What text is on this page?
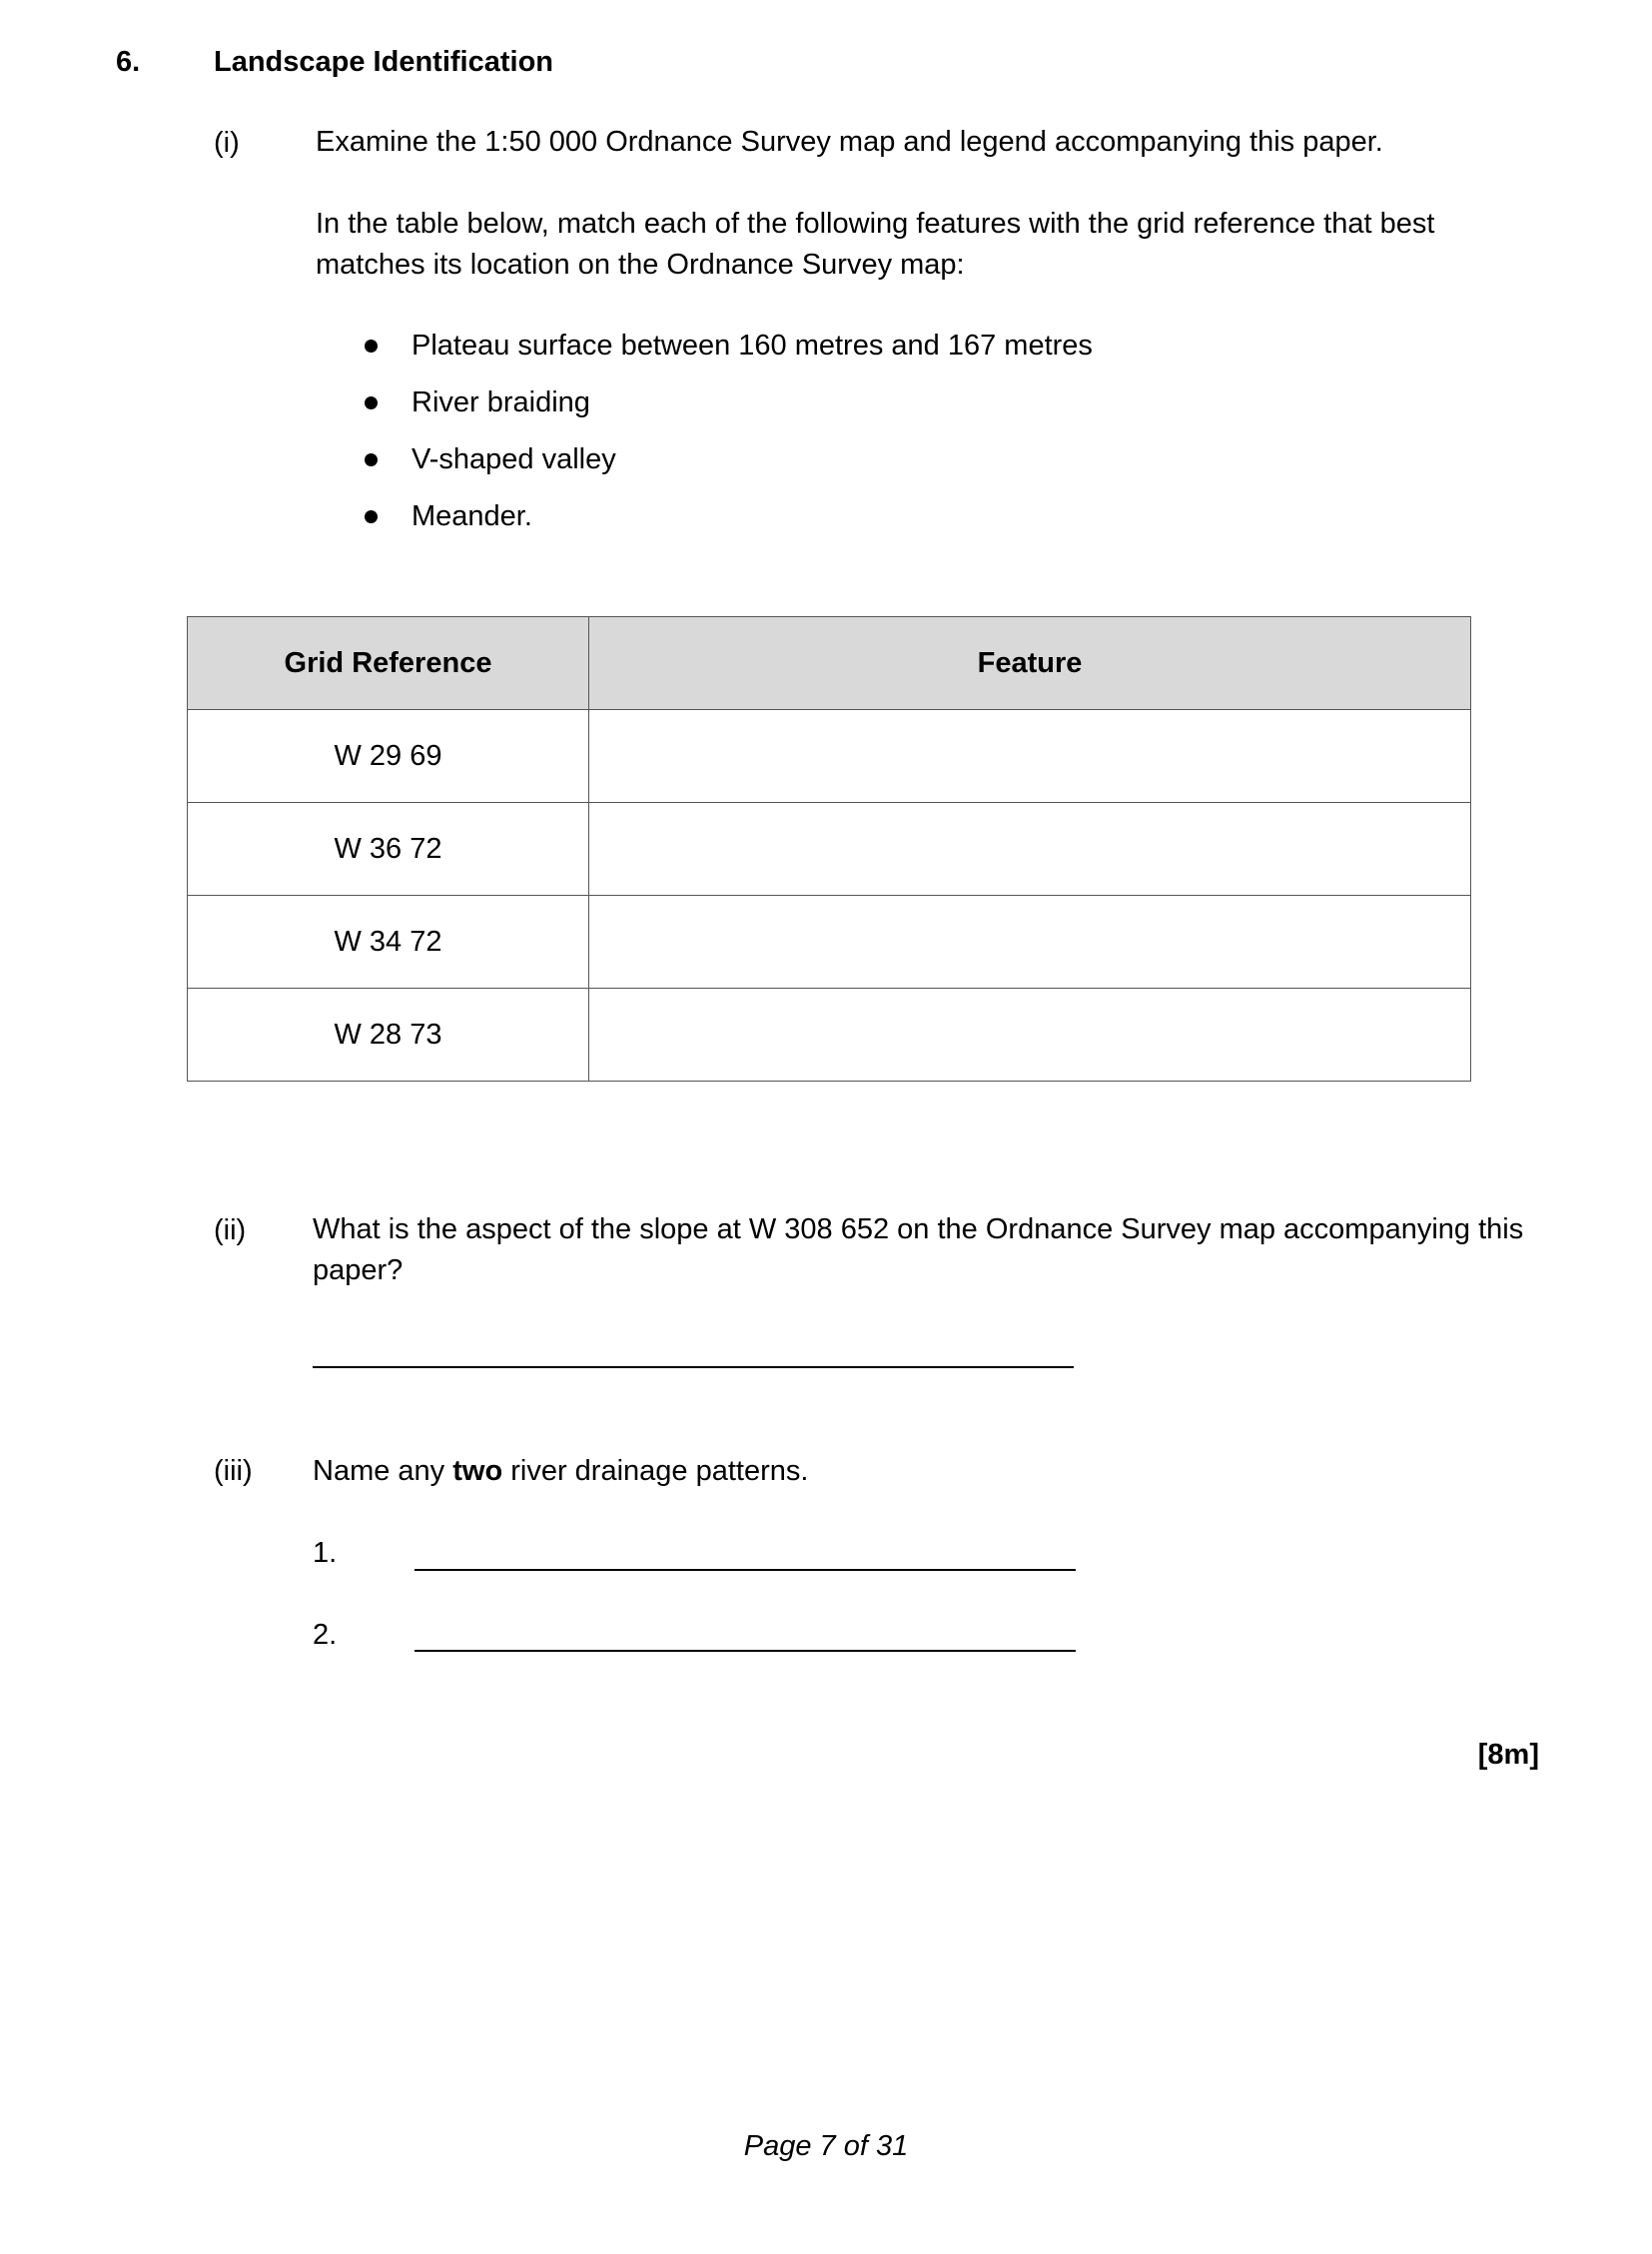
6.	Landscape Identification
(i)	Examine the 1:50 000 Ordnance Survey map and legend accompanying this paper.
In the table below, match each of the following features with the grid reference that best matches its location on the Ordnance Survey map:
Plateau surface between 160 metres and 167 metres
River braiding
V-shaped valley
Meander.
Grid Reference	Feature
W 29 69	
W 36 72	
W 34 72	
W 28 73	
(ii) What is the aspect of the slope at W 308 652 on the Ordnance Survey map accompanying this paper?
(iii) Name any two river drainage patterns.
1.
2.
[8m]
Page 7 of 31
